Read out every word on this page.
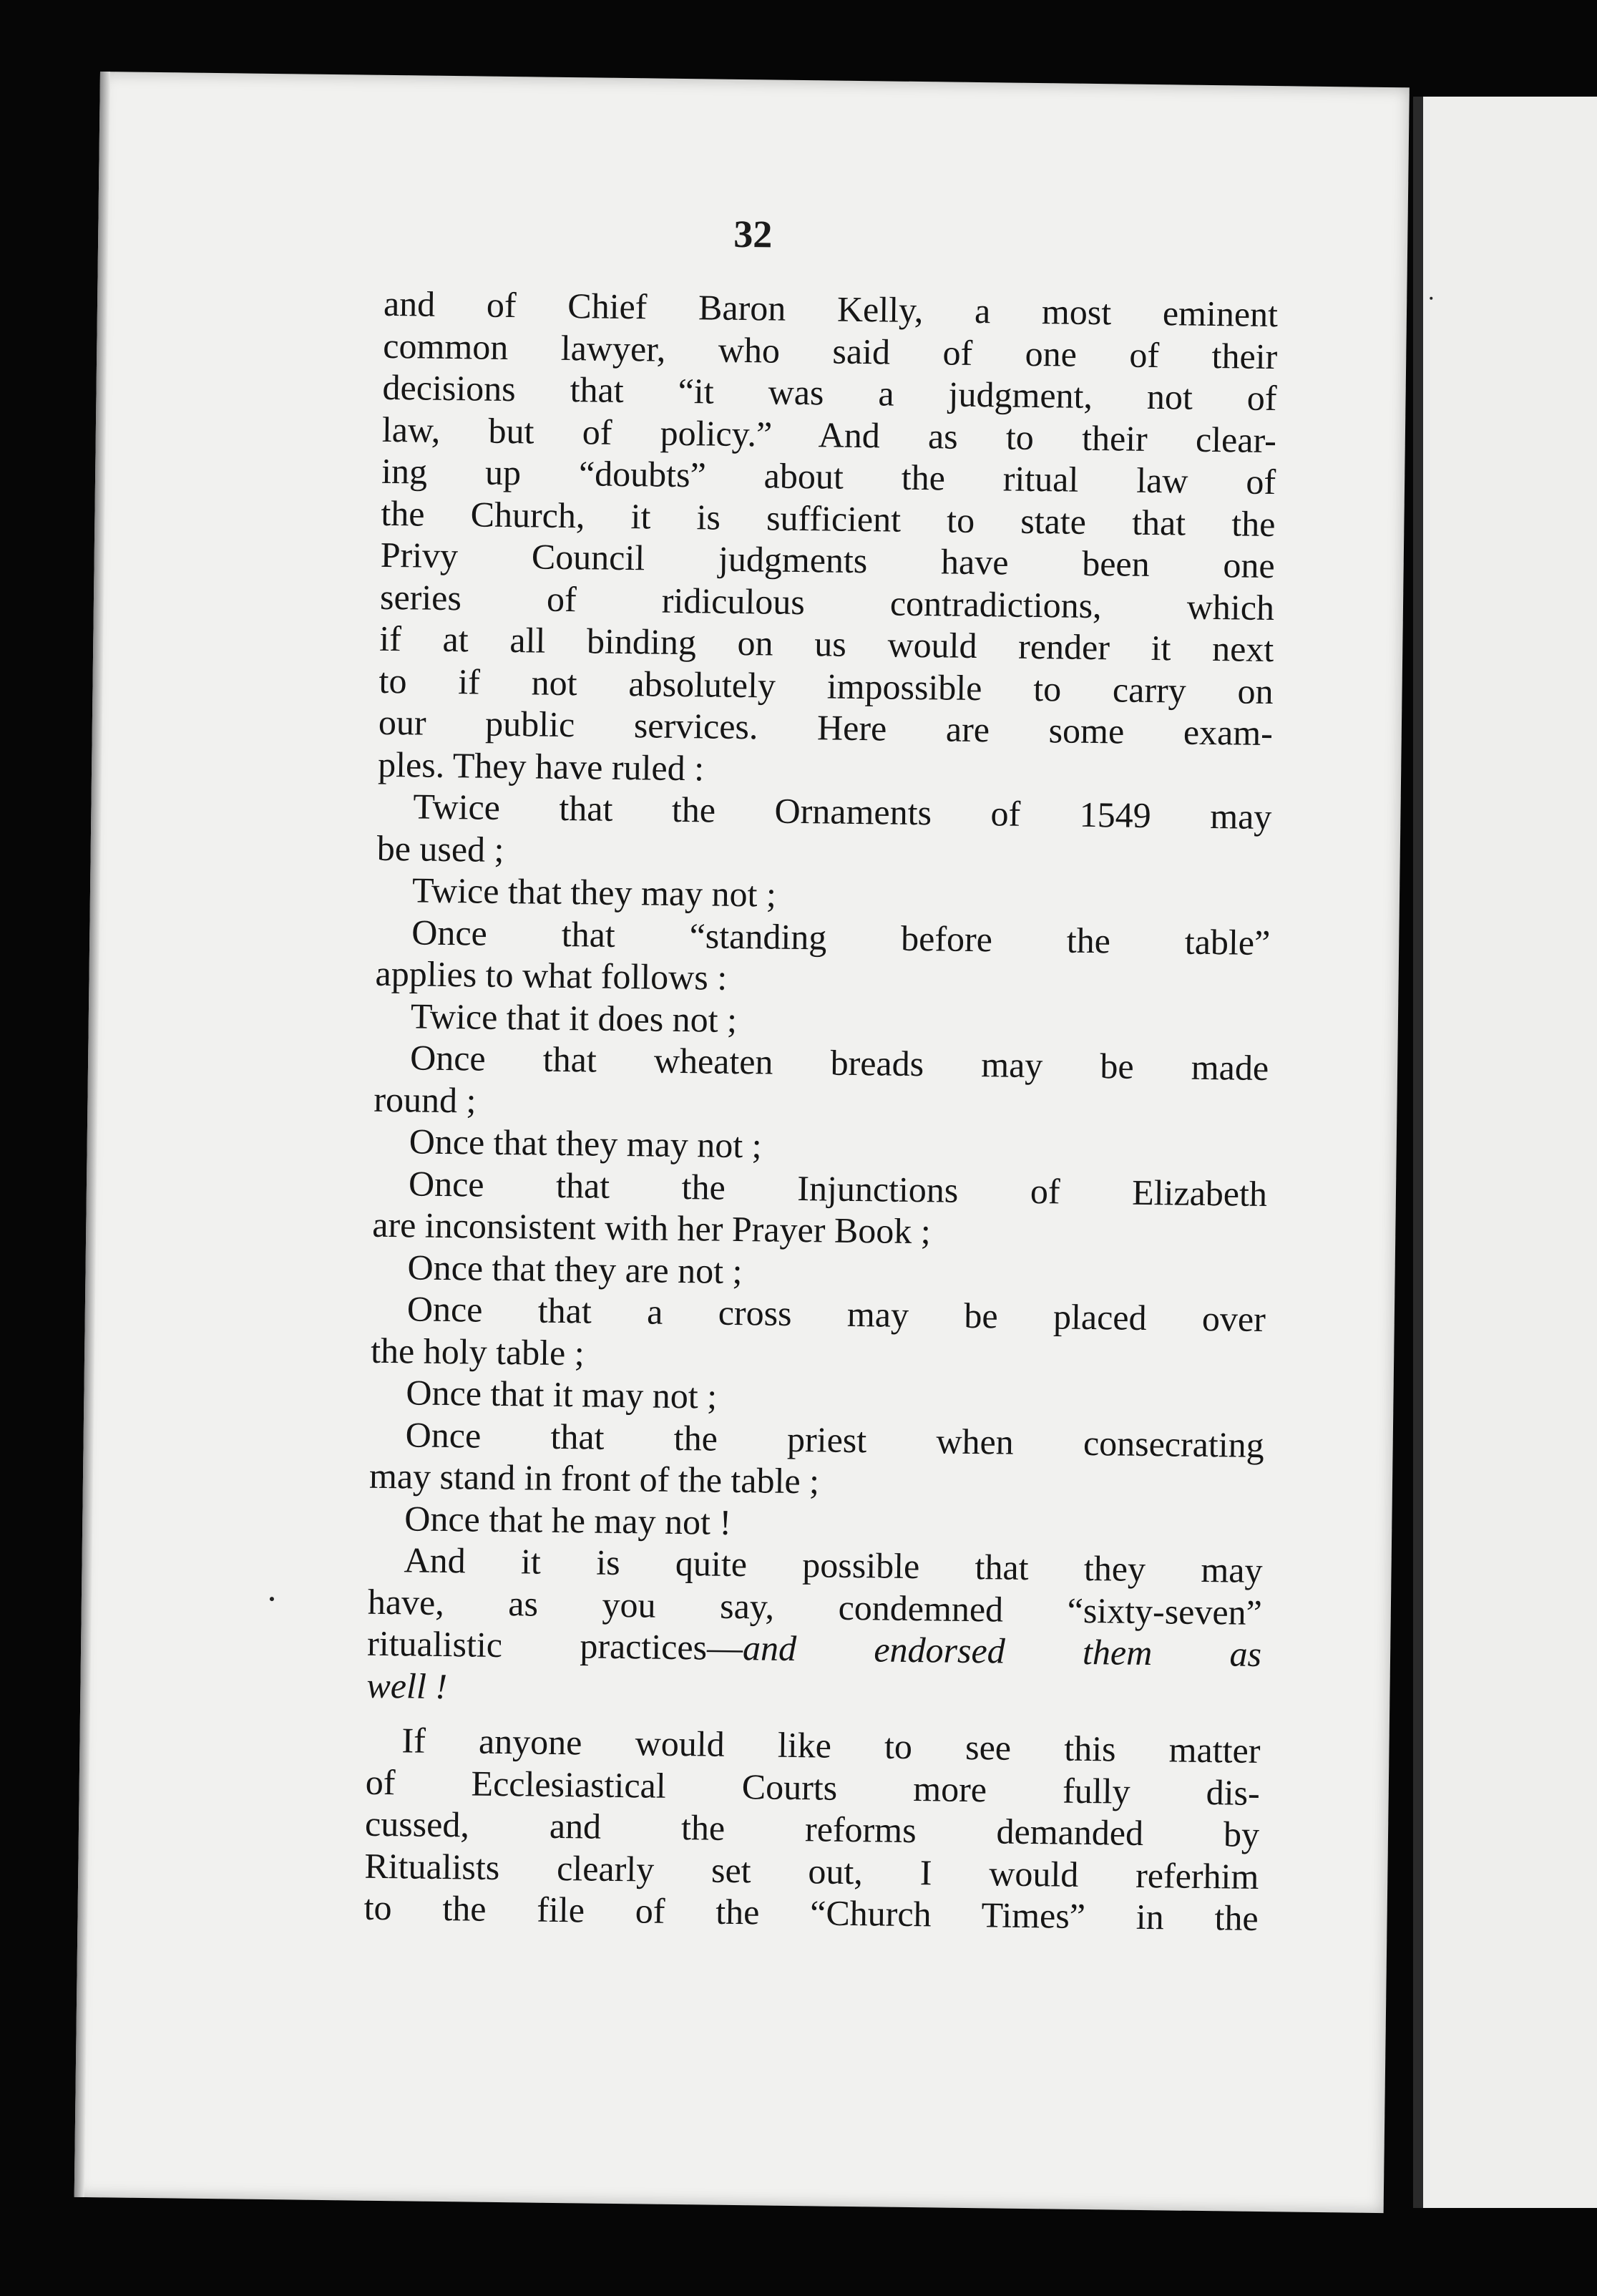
32

and of Chief Baron Kelly, a most eminent
common lawyer, who said of one of their
decisions that “it was a judgment, not of
law, but of policy.” And as to their clear-
ing up “doubts” about the ritual law of
the Church, it is sufficient to state that the
Privy Council judgments have been one
series of ridiculous contradictions, which
if at all binding on us would render it next
to if not absolutely impossible to carry on
our public services. Here are some exam-
ples. They have ruled :

Twice that the Ornaments of 1549 may
be used ;

Twice that they may not ;

Once that “standing before the table”
applies to what follows :

Twice that it does not ;

Once that wheaten breads may be made
round ;

Once that they may not ;

Once that the Injunctions of Elizabeth
are inconsistent with her Prayer Book ;

Once that they are not ;

Once that a cross may be placed over
the holy table ;

Once that it may not ;

Once that the priest when consecrating
may stand in front of the table ;

Once that he may not !

And it is quite possible that they may
have, as you say, condemned “sixty-seven”
ritualistic practices—and endorsed them as
well !

If anyone would like to see this matter
of Ecclesiastical Courts more fully dis-
cussed, and the reforms demanded by
Ritualists clearly set out, I would referhim
to the file of the “Church Times” in the
